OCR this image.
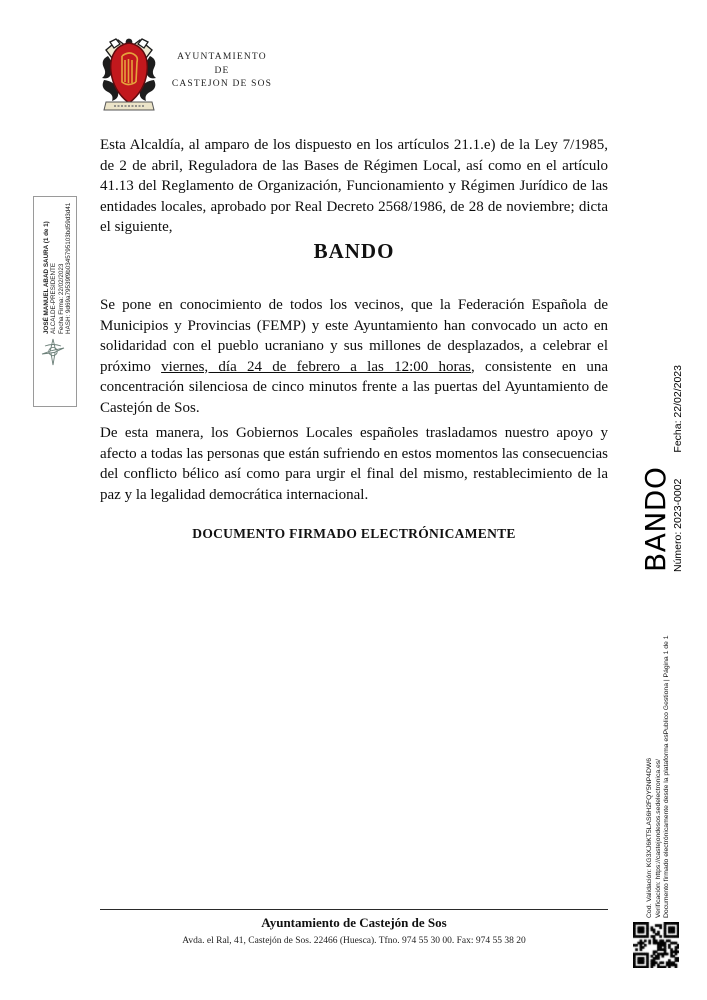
AYUNTAMIENTO
DE
CASTEJON DE SOS

Esta Alcaldía, al amparo de los dispuesto en los artículos 21.1.e) de la Ley 7/1985, de 2 de abril, Reguladora de las Bases de Régimen Local, así como en el artículo 41.13 del Reglamento de Organización, Funcionamiento y Régimen Jurídico de las entidades locales, aprobado por Real Decreto 2568/1986, de 28 de noviembre; dicta el siguiente,

BANDO

Se pone en conocimiento de todos los vecinos, que la Federación Española de Municipios y Provincias (FEMP) y este Ayuntamiento han convocado un acto en solidaridad con el pueblo ucraniano y sus millones de desplazados, a celebrar el próximo viernes, día 24 de febrero a las 12:00 horas, consistente en una concentración silenciosa de cinco minutos frente a las puertas del Ayuntamiento de Castejón de Sos.

De esta manera, los Gobiernos Locales españoles trasladamos nuestro apoyo y afecto a todas las personas que están sufriendo en estos momentos las consecuencias del conflicto bélico así como para urgir el final del mismo, restablecimiento de la paz y la legalidad democrática internacional.

DOCUMENTO FIRMADO ELECTRÓNICAMENTE
JOSÉ MANUEL ABAD SAURA (1 de 1) ALCALDE-PRESIDENTE Fecha Firma: 22/02/2023 HASH: 9d69a79539f9b0345795103bd59d3d41
BANDO Número: 2023-0002
Fecha: 22/02/2023
Cod. Validación: KG3XJ6KT5LAS6H2FQY5NP4DW6 Verificación: https://castejondesos.sedelectronica.es/ Documento firmado electrónicamente desde la plataforma esPublico Gestiona | Página 1 de 1
Ayuntamiento de Castejón de Sos
Avda. el Ral, 41, Castejón de Sos. 22466 (Huesca). Tfno. 974 55 30 00. Fax: 974 55 38 20
